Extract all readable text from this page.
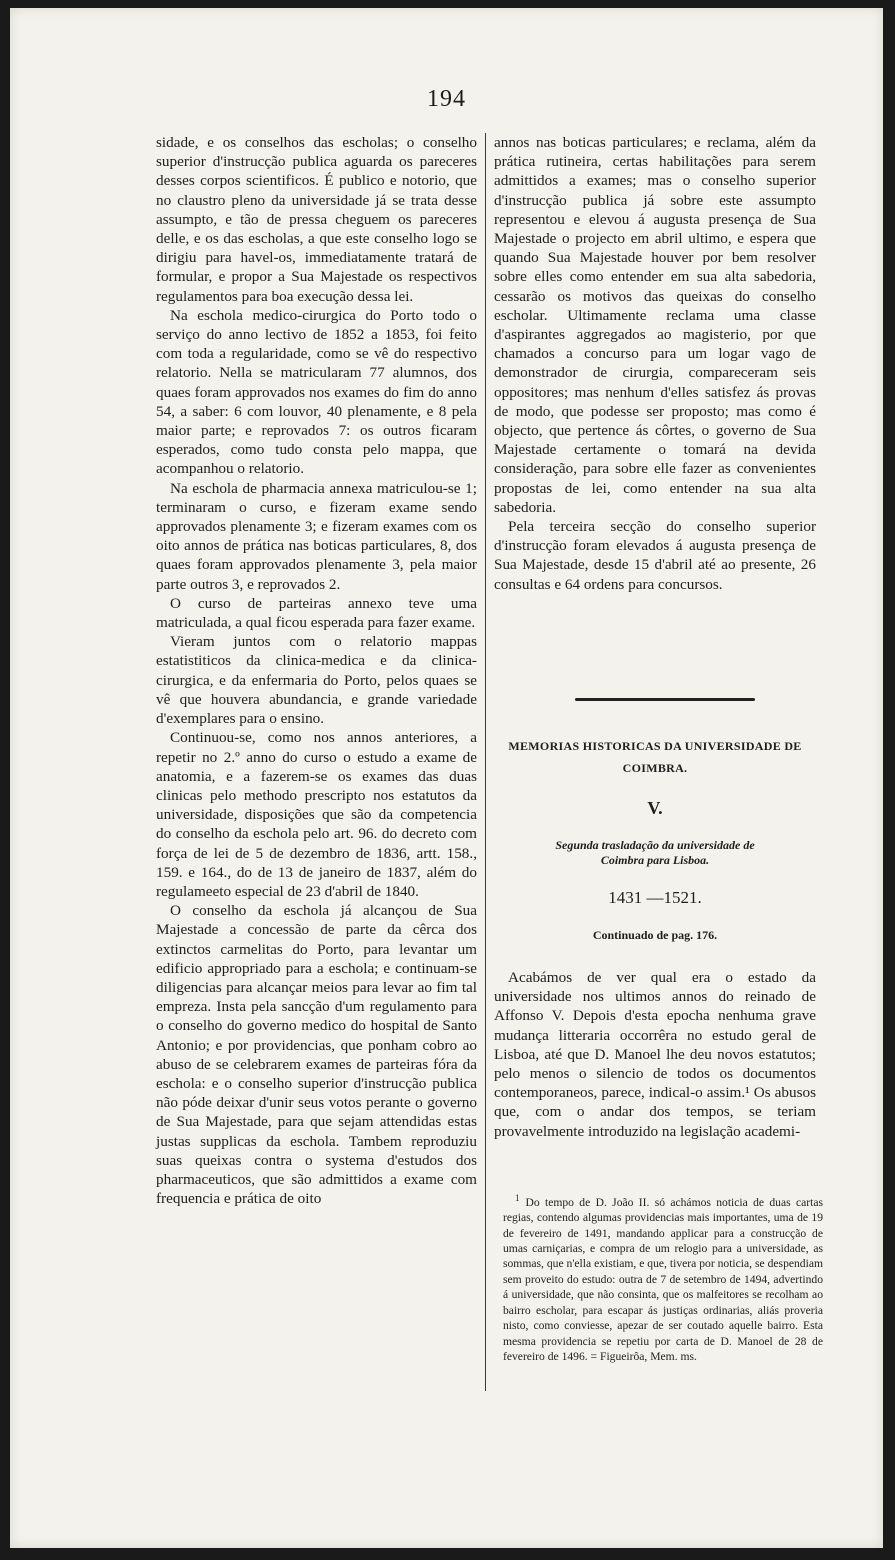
194

sidade, e os conselhos das escholas; o conselho superior d'instrucção publica aguarda os pareceres desses corpos scientificos. É publico e notorio, que no claustro pleno da universidade já se trata desse assumpto, e tão de pressa cheguem os pareceres delle, e os das escholas, a que este conselho logo se dirigiu para havel-os, immediatamente tratará de formular, e propor a Sua Majestade os respectivos regulamentos para boa execução dessa lei.

Na eschola medico-cirurgica do Porto todo o serviço do anno lectivo de 1852 a 1853, foi feito com toda a regularidade, como se vê do respectivo relatorio. Nella se matricularam 77 alumnos, dos quaes foram approvados nos exames do fim do anno 54, a saber: 6 com louvor, 40 plenamente, e 8 pela maior parte; e reprovados 7: os outros ficaram esperados, como tudo consta pelo mappa, que acompanhou o relatorio.

Na eschola de pharmacia annexa matriculou-se 1; terminaram o curso, e fizeram exame sendo approvados plenamente 3; e fizeram exames com os oito annos de prática nas boticas particulares, 8, dos quaes foram approvados plenamente 3, pela maior parte outros 3, e reprovados 2.

O curso de parteiras annexo teve uma matriculada, a qual ficou esperada para fazer exame.

Vieram juntos com o relatorio mappas estatistiticos da clinica-medica e da clinica-cirurgica, e da enfermaria do Porto, pelos quaes se vê que houvera abundancia, e grande variedade d'exemplares para o ensino.

Continuou-se, como nos annos anteriores, a repetir no 2.º anno do curso o estudo a exame de anatomia, e a fazerem-se os exames das duas clinicas pelo methodo prescripto nos estatutos da universidade, disposições que são da competencia do conselho da eschola pelo art. 96. do decreto com força de lei de 5 de dezembro de 1836, artt. 158., 159. e 164., do de 13 de janeiro de 1837, além do regulameeto especial de 23 d'abril de 1840.

O conselho da eschola já alcançou de Sua Majestade a concessão de parte da cêrca dos extinctos carmelitas do Porto, para levantar um edificio appropriado para a eschola; e continuam-se diligencias para alcançar meios para levar ao fim tal empreza. Insta pela sancção d'um regulamento para o conselho do governo medico do hospital de Santo Antonio; e por providencias, que ponham cobro ao abuso de se celebrarem exames de parteiras fóra da eschola: e o conselho superior d'instrucção publica não póde deixar d'unir seus votos perante o governo de Sua Majestade, para que sejam attendidas estas justas supplicas da eschola. Tambem reproduziu suas queixas contra o systema d'estudos dos pharmaceuticos, que são admittidos a exame com frequencia e prática de oito

annos nas boticas particulares; e reclama, além da prática rutineira, certas habilitações para serem admittidos a exames; mas o conselho superior d'instrucção publica já sobre este assumpto representou e elevou á augusta presença de Sua Majestade o projecto em abril ultimo, e espera que quando Sua Majestade houver por bem resolver sobre elles como entender em sua alta sabedoria, cessarão os motivos das queixas do conselho escholar. Ultimamente reclama uma classe d'aspirantes aggregados ao magisterio, por que chamados a concurso para um logar vago de demonstrador de cirurgia, compareceram seis oppositores; mas nenhum d'elles satisfez ás provas de modo, que podesse ser proposto; mas como é objecto, que pertence ás côrtes, o governo de Sua Majestade certamente o tomará na devida consideração, para sobre elle fazer as convenientes propostas de lei, como entender na sua alta sabedoria.

Pela terceira secção do conselho superior d'instrucção foram elevados á augusta presença de Sua Majestade, desde 15 d'abril até ao presente, 26 consultas e 64 ordens para concursos.

MEMORIAS HISTORICAS DA UNIVERSIDADE DE COIMBRA.
V.
Segunda trasladação da universidade de Coimbra para Lisboa.
1431 —1521.
Continuado de pag. 176.

Acabámos de ver qual era o estado da universidade nos ultimos annos do reinado de Affonso V. Depois d'esta epocha nenhuma grave mudança litteraria occorrêra no estudo geral de Lisboa, até que D. Manoel lhe deu novos estatutos; pelo menos o silencio de todos os documentos contemporaneos, parece, indical-o assim.¹ Os abusos que, com o andar dos tempos, se teriam provavelmente introduzido na legislação academi-

$^1$ Do tempo de D. João II. só achámos noticia de duas cartas regias, contendo algumas providencias mais importantes, uma de 19 de fevereiro de 1491, mandando applicar para a construcção de umas carniçarias, e compra de um relogio para a universidade, as sommas, que n'ella existiam, e que, tivera por noticia, se despendiam sem proveito do estudo: outra de 7 de setembro de 1494, advertindo á universidade, que não consinta, que os malfeitores se recolham ao bairro escholar, para escapar ás justiças ordinarias, aliás proveria nisto, como conviesse, apezar de ser coutado aquelle bairro. Esta mesma providencia se repetiu por carta de D. Manoel de 28 de fevereiro de 1496. = Figueirôa, Mem. ms.
